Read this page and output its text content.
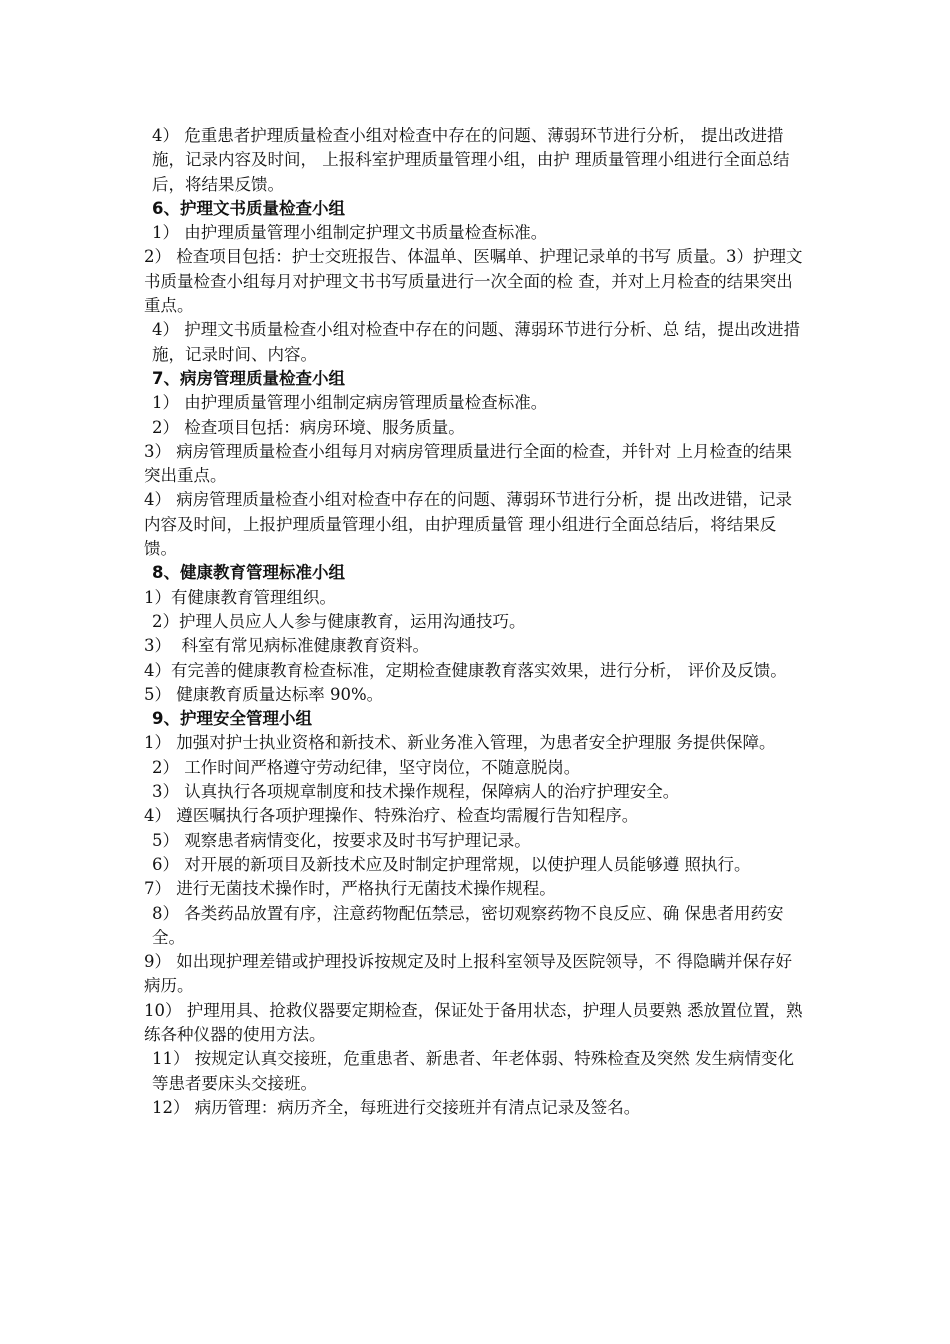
4） 危重患者护理质量检查小组对检查中存在的问题、薄弱环节进行分析， 提出改进措施，记录内容及时间， 上报科室护理质量管理小组，由护 理质量管理小组进行全面总结后，将结果反馈。

6、护理文书质量检查小组

1） 由护理质量管理小组制定护理文书质量检查标准。

2） 检查项目包括：护士交班报告、体温单、医嘱单、护理记录单的书写 质量。3）护理文书质量检查小组每月对护理文书书写质量进行一次全面的检 查，并对上月检查的结果突出重点。

4） 护理文书质量检查小组对检查中存在的问题、薄弱环节进行分析、总 结，提出改进措施，记录时间、内容。

7、病房管理质量检查小组

1） 由护理质量管理小组制定病房管理质量检查标准。

2） 检查项目包括：病房环境、服务质量。

3） 病房管理质量检查小组每月对病房管理质量进行全面的检查，并针对 上月检查的结果突出重点。

4） 病房管理质量检查小组对检查中存在的问题、薄弱环节进行分析，提 出改进错，记录内容及时间，上报护理质量管理小组，由护理质量管 理小组进行全面总结后，将结果反馈。

8、健康教育管理标准小组

1）有健康教育管理组织。

2）护理人员应人人参与健康教育，运用沟通技巧。

3）  科室有常见病标准健康教育资料。

4）有完善的健康教育检查标准，定期检查健康教育落实效果，进行分析， 评价及反馈。

5） 健康教育质量达标率 90%。

9、护理安全管理小组

1） 加强对护士执业资格和新技术、新业务准入管理，为患者安全护理服 务提供保障。

2） 工作时间严格遵守劳动纪律，坚守岗位，不随意脱岗。

3） 认真执行各项规章制度和技术操作规程，保障病人的治疗护理安全。

4） 遵医嘱执行各项护理操作、特殊治疗、检查均需履行告知程序。

5） 观察患者病情变化，按要求及时书写护理记录。

6） 对开展的新项目及新技术应及时制定护理常规，以使护理人员能够遵 照执行。

7） 进行无菌技术操作时，严格执行无菌技术操作规程。

8） 各类药品放置有序，注意药物配伍禁忌，密切观察药物不良反应、确 保患者用药安全。

9） 如出现护理差错或护理投诉按规定及时上报科室领导及医院领导，不 得隐瞒并保存好病历。

10） 护理用具、抢救仪器要定期检查，保证处于备用状态，护理人员要熟 悉放置位置，熟练各种仪器的使用方法。

11） 按规定认真交接班，危重患者、新患者、年老体弱、特殊检查及突然 发生病情变化等患者要床头交接班。

12） 病历管理：病历齐全，每班进行交接班并有清点记录及签名。
